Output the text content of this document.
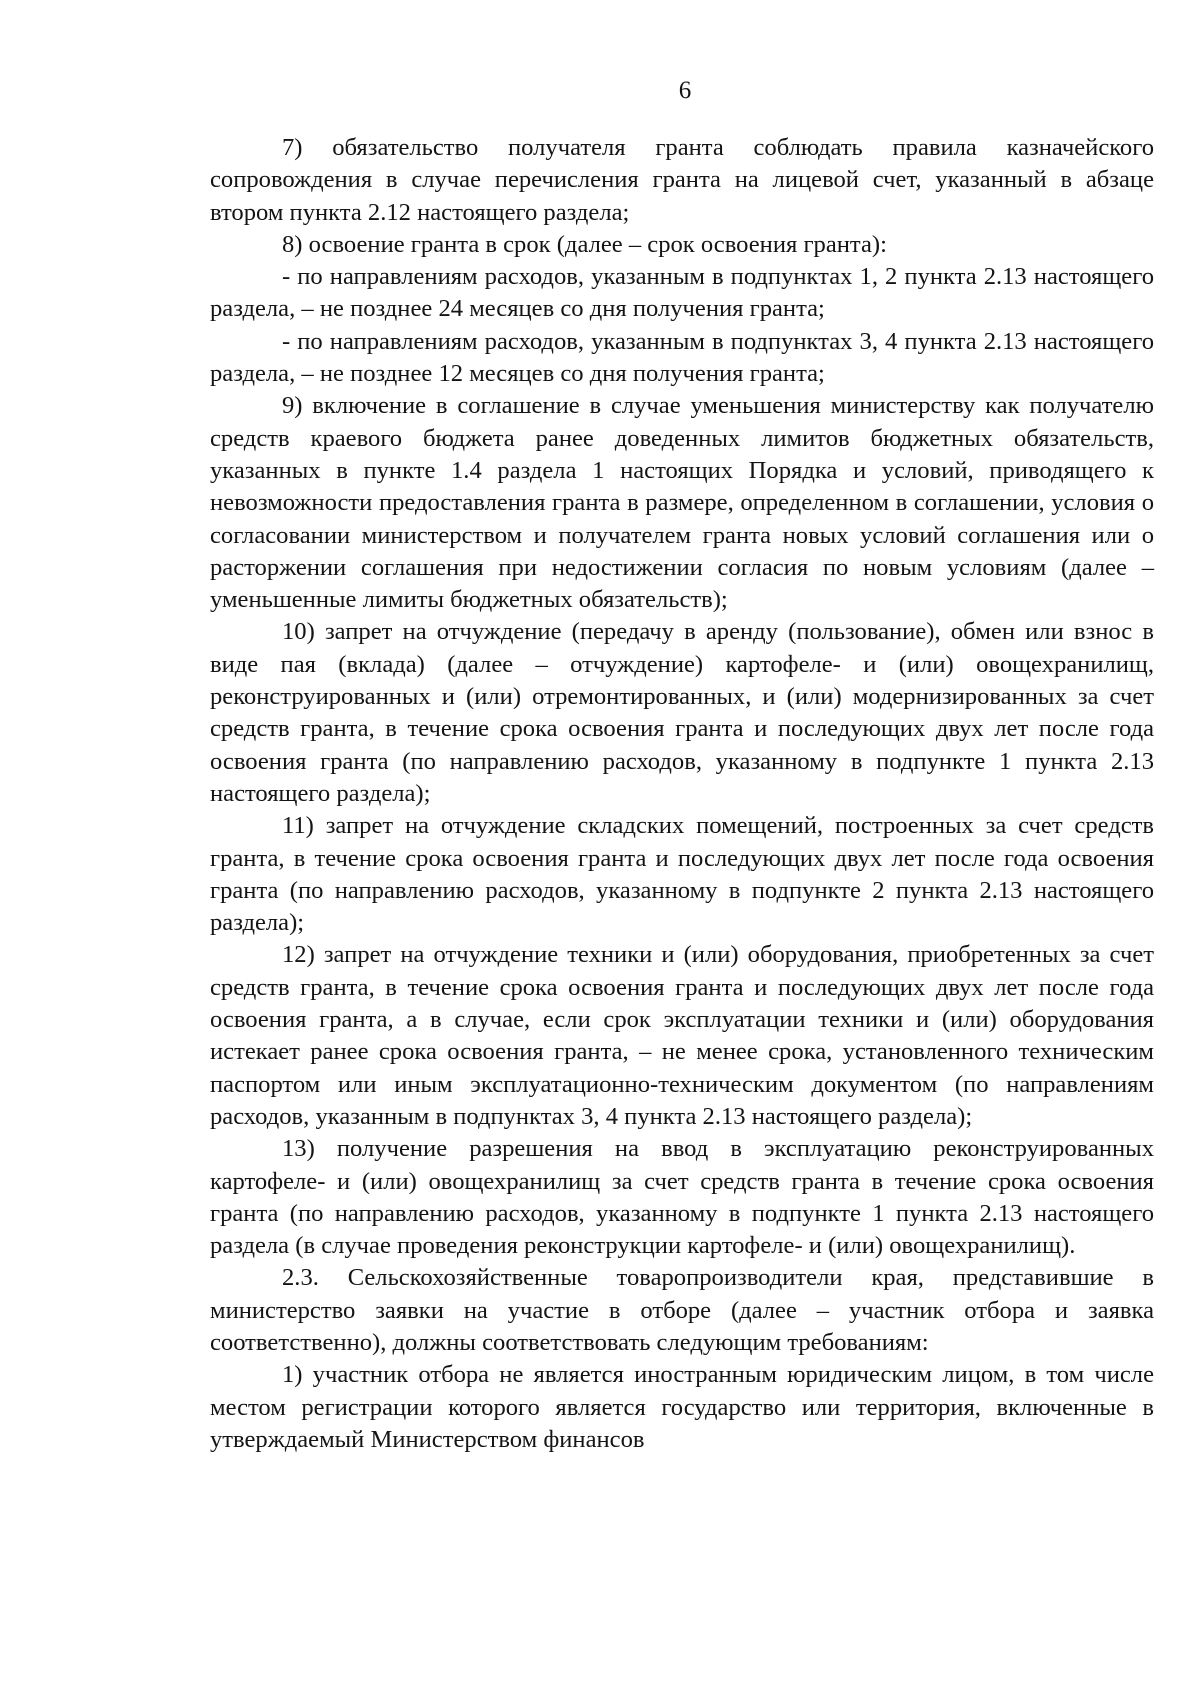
6

7) обязательство получателя гранта соблюдать правила казначейского сопровождения в случае перечисления гранта на лицевой счет, указанный в абзаце втором пункта 2.12 настоящего раздела;

8) освоение гранта в срок (далее – срок освоения гранта):

- по направлениям расходов, указанным в подпунктах 1, 2 пункта 2.13 настоящего раздела, – не позднее 24 месяцев со дня получения гранта;

- по направлениям расходов, указанным в подпунктах 3, 4 пункта 2.13 настоящего раздела, – не позднее 12 месяцев со дня получения гранта;

9) включение в соглашение в случае уменьшения министерству как получателю средств краевого бюджета ранее доведенных лимитов бюджетных обязательств, указанных в пункте 1.4 раздела 1 настоящих Порядка и условий, приводящего к невозможности предоставления гранта в размере, определенном в соглашении, условия о согласовании министерством и получателем гранта новых условий соглашения или о расторжении соглашения при недостижении согласия по новым условиям (далее – уменьшенные лимиты бюджетных обязательств);

10) запрет на отчуждение (передачу в аренду (пользование), обмен или взнос в виде пая (вклада) (далее – отчуждение) картофеле- и (или) овощехранилищ, реконструированных и (или) отремонтированных, и (или) модернизированных за счет средств гранта, в течение срока освоения гранта и последующих двух лет после года освоения гранта (по направлению расходов, указанному в подпункте 1 пункта 2.13 настоящего раздела);

11) запрет на отчуждение складских помещений, построенных за счет средств гранта, в течение срока освоения гранта и последующих двух лет после года освоения гранта (по направлению расходов, указанному в подпункте 2 пункта 2.13 настоящего раздела);

12) запрет на отчуждение техники и (или) оборудования, приобретенных за счет средств гранта, в течение срока освоения гранта и последующих двух лет после года освоения гранта, а в случае, если срок эксплуатации техники и (или) оборудования истекает ранее срока освоения гранта, – не менее срока, установленного техническим паспортом или иным эксплуатационно-техническим документом (по направлениям расходов, указанным в подпунктах 3, 4 пункта 2.13 настоящего раздела);

13) получение разрешения на ввод в эксплуатацию реконструированных картофеле- и (или) овощехранилищ за счет средств гранта в течение срока освоения гранта (по направлению расходов, указанному в подпункте 1 пункта 2.13 настоящего раздела (в случае проведения реконструкции картофеле- и (или) овощехранилищ).

2.3. Сельскохозяйственные товаропроизводители края, представившие в министерство заявки на участие в отборе (далее – участник отбора и заявка соответственно), должны соответствовать следующим требованиям:

1) участник отбора не является иностранным юридическим лицом, в том числе местом регистрации которого является государство или территория, включенные в утверждаемый Министерством финансов
